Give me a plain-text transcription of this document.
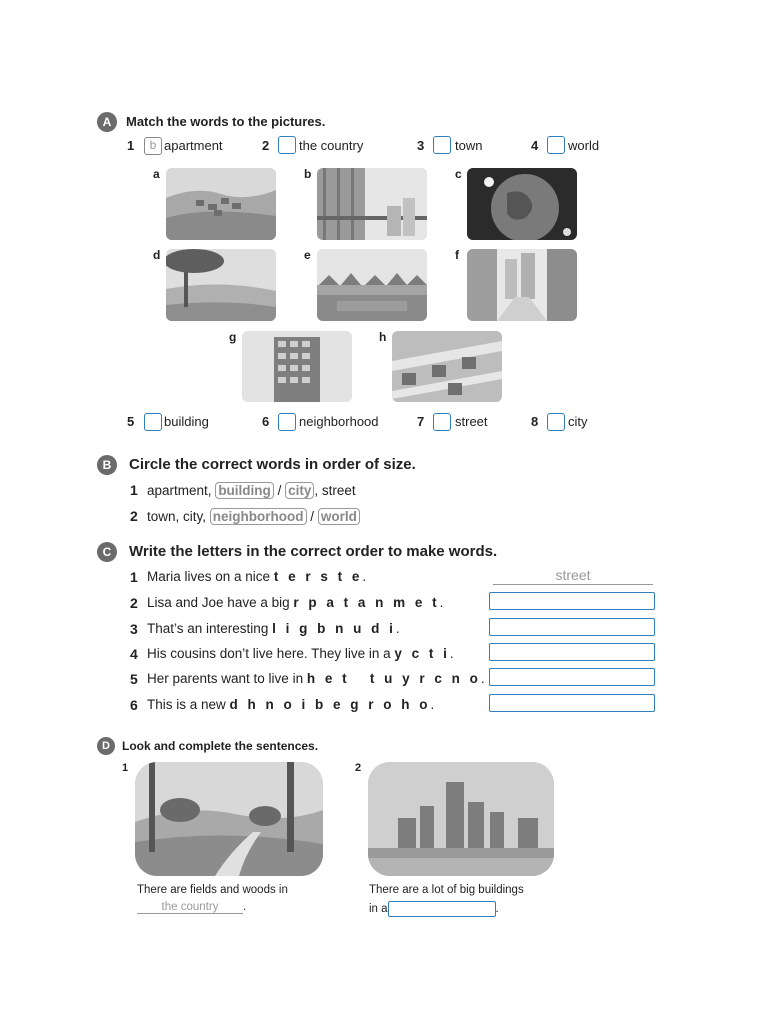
A	Match the words to the pictures.
1	b apartment	2 the country	3 town	4 world
a	b	c
d	e	f
g	h
5 building	6 neighborhood	7 street	8 city
B	Circle the correct words in order of size.
1 apartment, building / city , street
2 town, city, neighborhood / world
C	Write the letters in the correct order to make words.
1 Maria lives on a nice t e r s t e.	street
2 Lisa and Joe have a big r p a t a n m e t.
3 That’s an interesting l i g b n u d i.
4 His cousins don’t live here. They live in a y c t i.
5 Her parents want to live in h e t   t u y r c n o.
6 This is a new d h n o i b e g r o h o.
D	Look and complete the sentences.
1
There are fields and woods in
the country .
2
There are a lot of big buildings
in a	.
